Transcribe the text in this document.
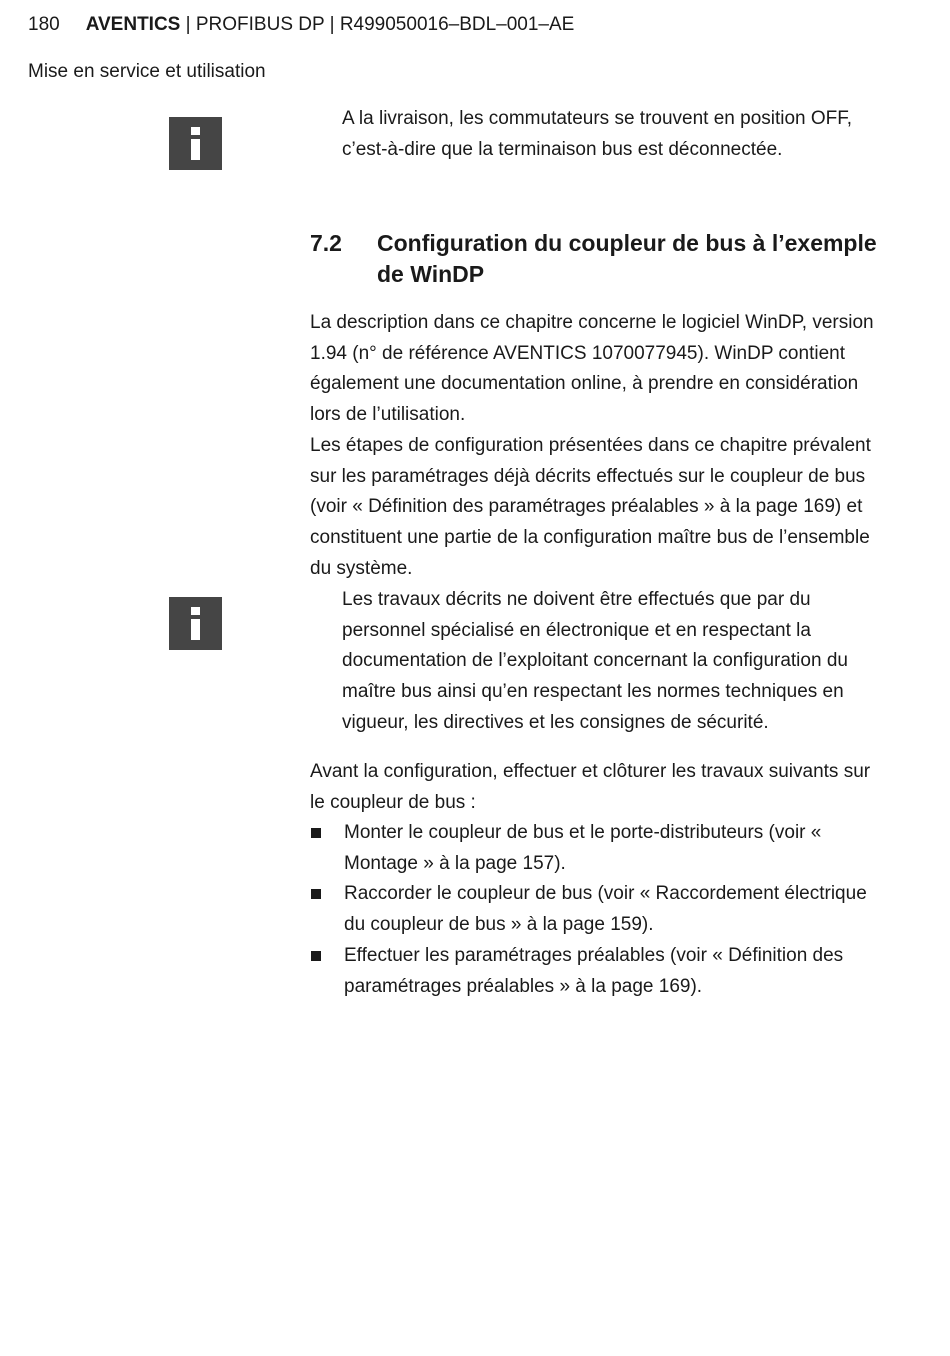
180 AVENTICS | PROFIBUS DP | R499050016–BDL–001–AE
Mise en service et utilisation
A la livraison, les commutateurs se trouvent en position OFF, c’est-à-dire que la terminaison bus est déconnectée.
7.2 Configuration du coupleur de bus à l’exemple de WinDP
La description dans ce chapitre concerne le logiciel WinDP, version 1.94 (n° de référence AVENTICS 1070077945). WinDP contient également une documentation online, à prendre en considération lors de l’utilisation.
Les étapes de configuration présentées dans ce chapitre prévalent sur les paramétrages déjà décrits effectués sur le coupleur de bus (voir « Définition des paramétrages préalables » à la page 169) et constituent une partie de la configuration maître bus de l’ensemble du système.
Les travaux décrits ne doivent être effectués que par du personnel spécialisé en électronique et en respectant la documentation de l’exploitant concernant la configuration du maître bus ainsi qu’en respectant les normes techniques en vigueur, les directives et les consignes de sécurité.
Avant la configuration, effectuer et clôturer les travaux suivants sur le coupleur de bus :
Monter le coupleur de bus et le porte-distributeurs (voir « Montage » à la page 157).
Raccorder le coupleur de bus (voir « Raccordement électrique du coupleur de bus » à la page 159).
Effectuer les paramétrages préalables (voir « Définition des paramétrages préalables » à la page 169).
